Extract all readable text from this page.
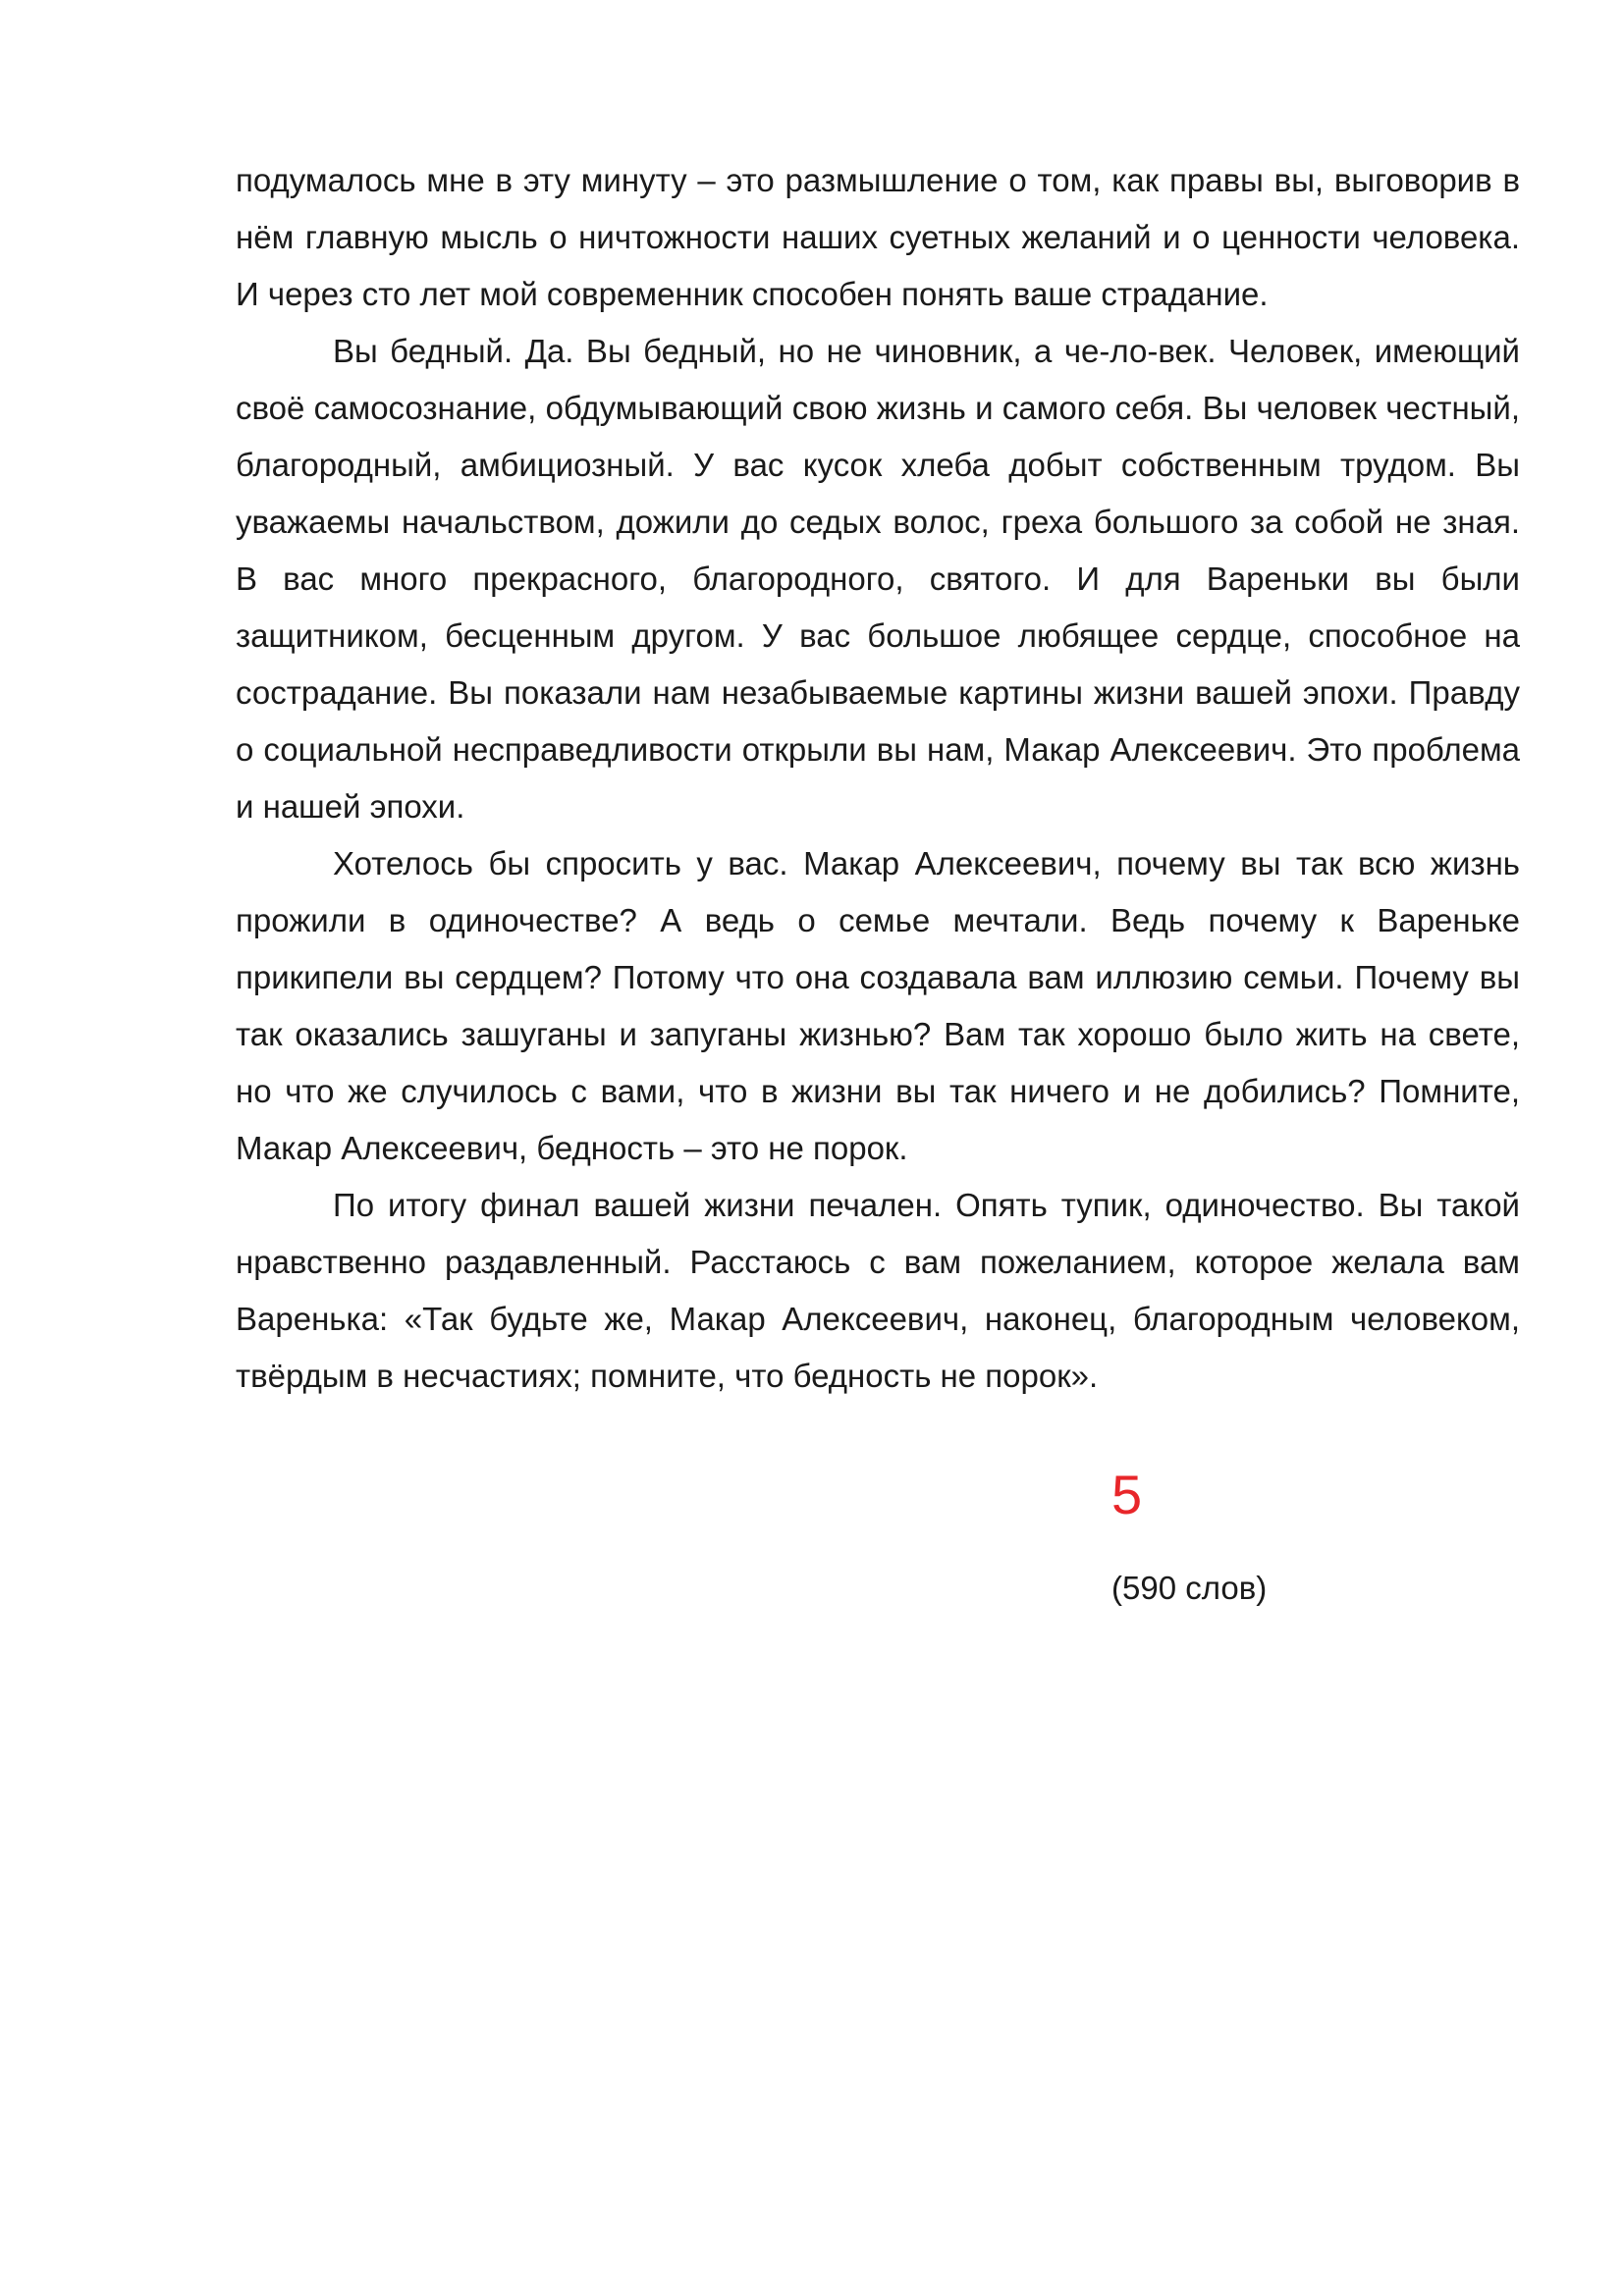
подумалось мне в эту минуту – это размышление о том, как правы вы, выговорив в нём главную мысль о ничтожности наших суетных желаний и о ценности человека. И через сто лет мой современник способен понять ваше страдание.

Вы бедный. Да. Вы бедный, но не чиновник, а че-ло-век. Человек, имеющий своё самосознание, обдумывающий свою жизнь и самого себя. Вы человек честный, благородный, амбициозный. У вас кусок хлеба добыт собственным трудом. Вы уважаемы начальством, дожили до седых волос, греха большого за собой не зная. В вас много прекрасного, благородного, святого. И для Вареньки вы были защитником, бесценным другом. У вас большое любящее сердце, способное на сострадание. Вы показали нам незабываемые картины жизни вашей эпохи. Правду о социальной несправедливости открыли вы нам, Макар Алексеевич. Это проблема и нашей эпохи.

Хотелось бы спросить у вас. Макар Алексеевич, почему вы так всю жизнь прожили в одиночестве? А ведь о семье мечтали. Ведь почему к Вареньке прикипели вы сердцем? Потому что она создавала вам иллюзию семьи. Почему вы так оказались зашуганы и запуганы жизнью? Вам так хорошо было жить на свете, но что же случилось с вами, что в жизни вы так ничего и не добились? Помните, Макар Алексеевич, бедность – это не порок.

По итогу финал вашей жизни печален. Опять тупик, одиночество. Вы такой нравственно раздавленный. Расстаюсь с вам пожеланием, которое желала вам Варенька: «Так будьте же, Макар Алексеевич, наконец, благородным человеком, твёрдым в несчастиях; помните, что бедность не порок».

5
(590 слов)
